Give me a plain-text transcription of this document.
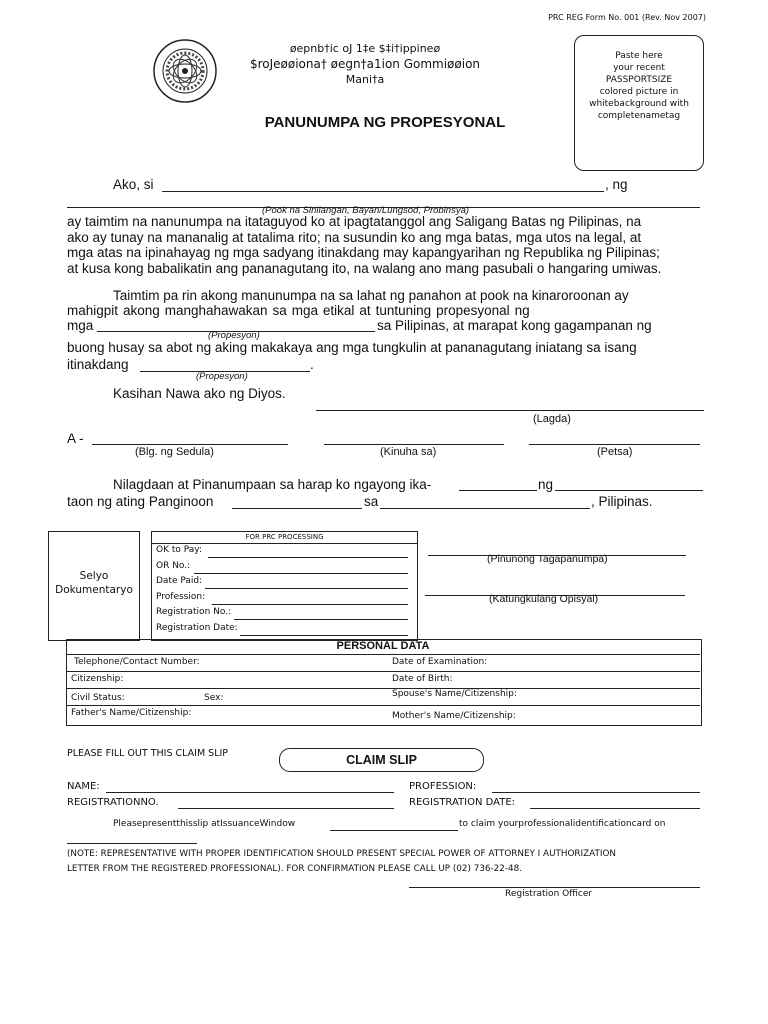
PRC REG Form No. 001 (Rev. Nov 2007)
øepnb†ic oJ 1‡e $‡i†ippineø
$roJeøøiona† øegn†a1ion Gommiøøion
Mani†a
PANUNUMPA NG PROPESYONAL
Paste here
your recent
PASSPORTSIZE
colored picture in
whitebackground with
completenametag
Ako, si	, ng
(Pook na Sinilangan, Bayan/Lungsod, Probinsya)
ay taimtim na nanunumpa na itataguyod ko at ipagtatanggol ang Saligang Batas ng Pilipinas, na
ako ay tunay na mananalig at tatalima rito; na susundin ko ang mga batas, mga utos na legal, at
mga atas na ipinahayag ng mga sadyang itinakdang may kapangyarihan ng Republika ng Pilipinas;
at kusa kong babalikatin ang pananagutang ito, na walang ano mang pasubali o hangaring umiwas.
Taimtim pa rin akong manunumpa na sa lahat ng panahon at pook na kinaroroonan ay
mahigpit akong manghahawakan sa mga etikal at tuntuning propesyonal ng
mga	sa Pilipinas, at marapat kong gagampanan ng
(Propesyon)
buong husay sa abot ng aking makakaya ang mga tungkulin at pananagutang iniatang sa isang
itinakdang	.
(Propesyon)
Kasihan Nawa ako ng Diyos.
(Lagda)
A -
(Blg. ng Sedula)	(Kinuha sa)	(Petsa)
Nilagdaan at Pinanumpaan sa harap ko ngayong ika-	ng
taon ng ating Panginoon	sa	, Pilipinas.
Selyo
Dokumentaryo
FOR PRC PROCESSING
OK to Pay:
OR No.:
Date Paid:
Profession:
Registration No.:
Registration Date:
(Pinunong Tagapanumpa)
(Katungkulang Opisyal)
PERSONAL DATA
Telephone/Contact Number:	Date of Examination:
Citizenship:	Date of Birth:
Civil Status:	Sex:	Spouse's Name/Citizenship:
Father's Name/Citizenship:	Mother's Name/Citizenship:
PLEASE FILL OUT THIS CLAIM SLIP	CLAIM SLIP
NAME:	PROFESSION:
REGISTRATIONNO.	REGISTRATION DATE:
Pleasepresentthisslip atIssuanceWindow	to claim yourprofessionalidentificationcard on
(NOTE: REPRESENTATIVE WITH PROPER IDENTIFICATION SHOULD PRESENT SPECIAL POWER OF ATTORNEY I AUTHORIZATION
LETTER FROM THE REGISTERED PROFESSIONAL). FOR CONFIRMATION PLEASE CALL UP (02) 736-22-48.
Registration Officer
